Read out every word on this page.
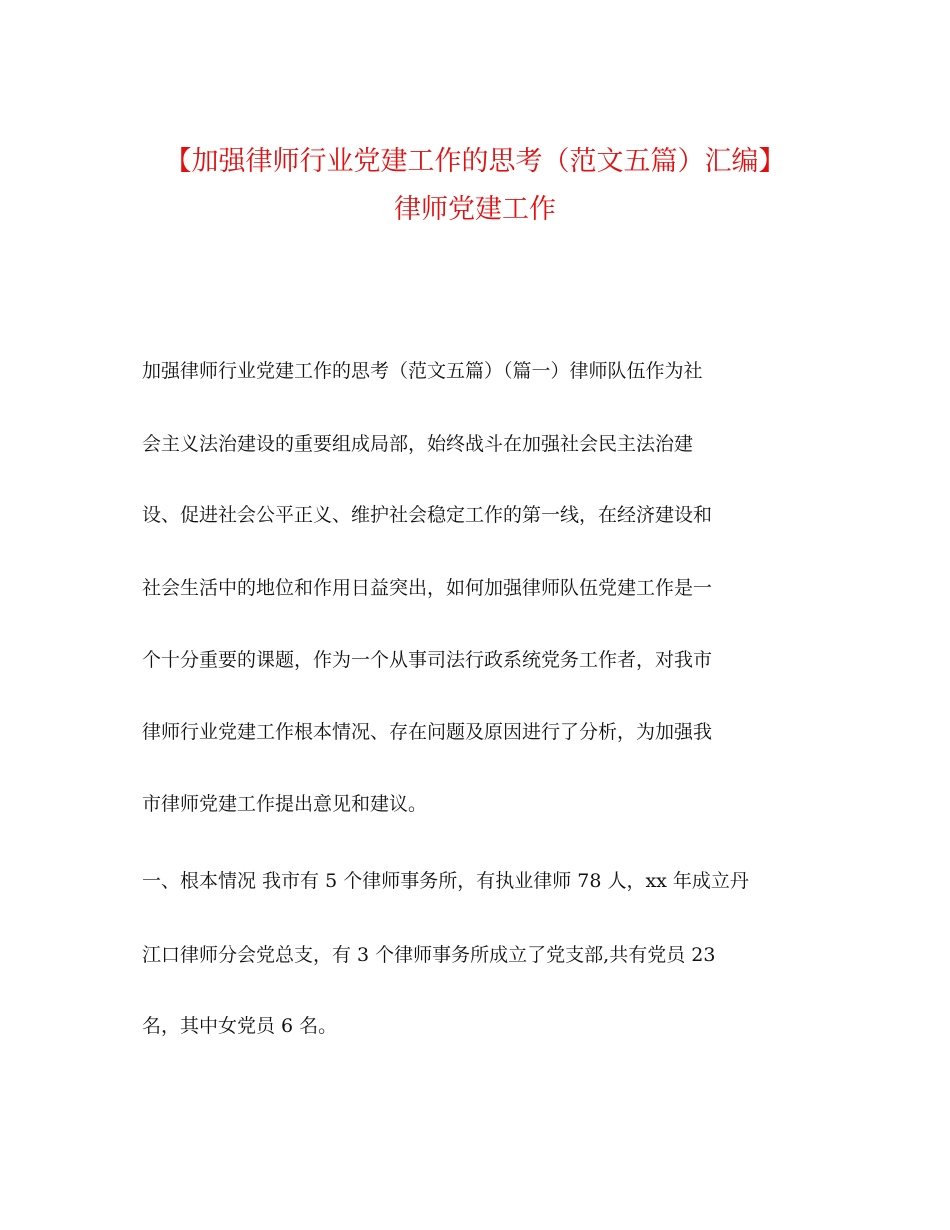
【加强律师行业党建工作的思考（范文五篇）汇编】
律师党建工作
加强律师行业党建工作的思考（范文五篇）（篇一）律师队伍作为社
会主义法治建设的重要组成局部，始终战斗在加强社会民主法治建
设、促进社会公平正义、维护社会稳定工作的第一线，在经济建设和
社会生活中的地位和作用日益突出，如何加强律师队伍党建工作是一
个十分重要的课题，作为一个从事司法行政系统党务工作者，对我市
律师行业党建工作根本情况、存在问题及原因进行了分析，为加强我
市律师党建工作提出意见和建议。
一、根本情况 我市有 5 个律师事务所，有执业律师 78 人，xx 年成立丹
江口律师分会党总支，有 3 个律师事务所成立了党支部,共有党员 23
名，其中女党员 6 名。
